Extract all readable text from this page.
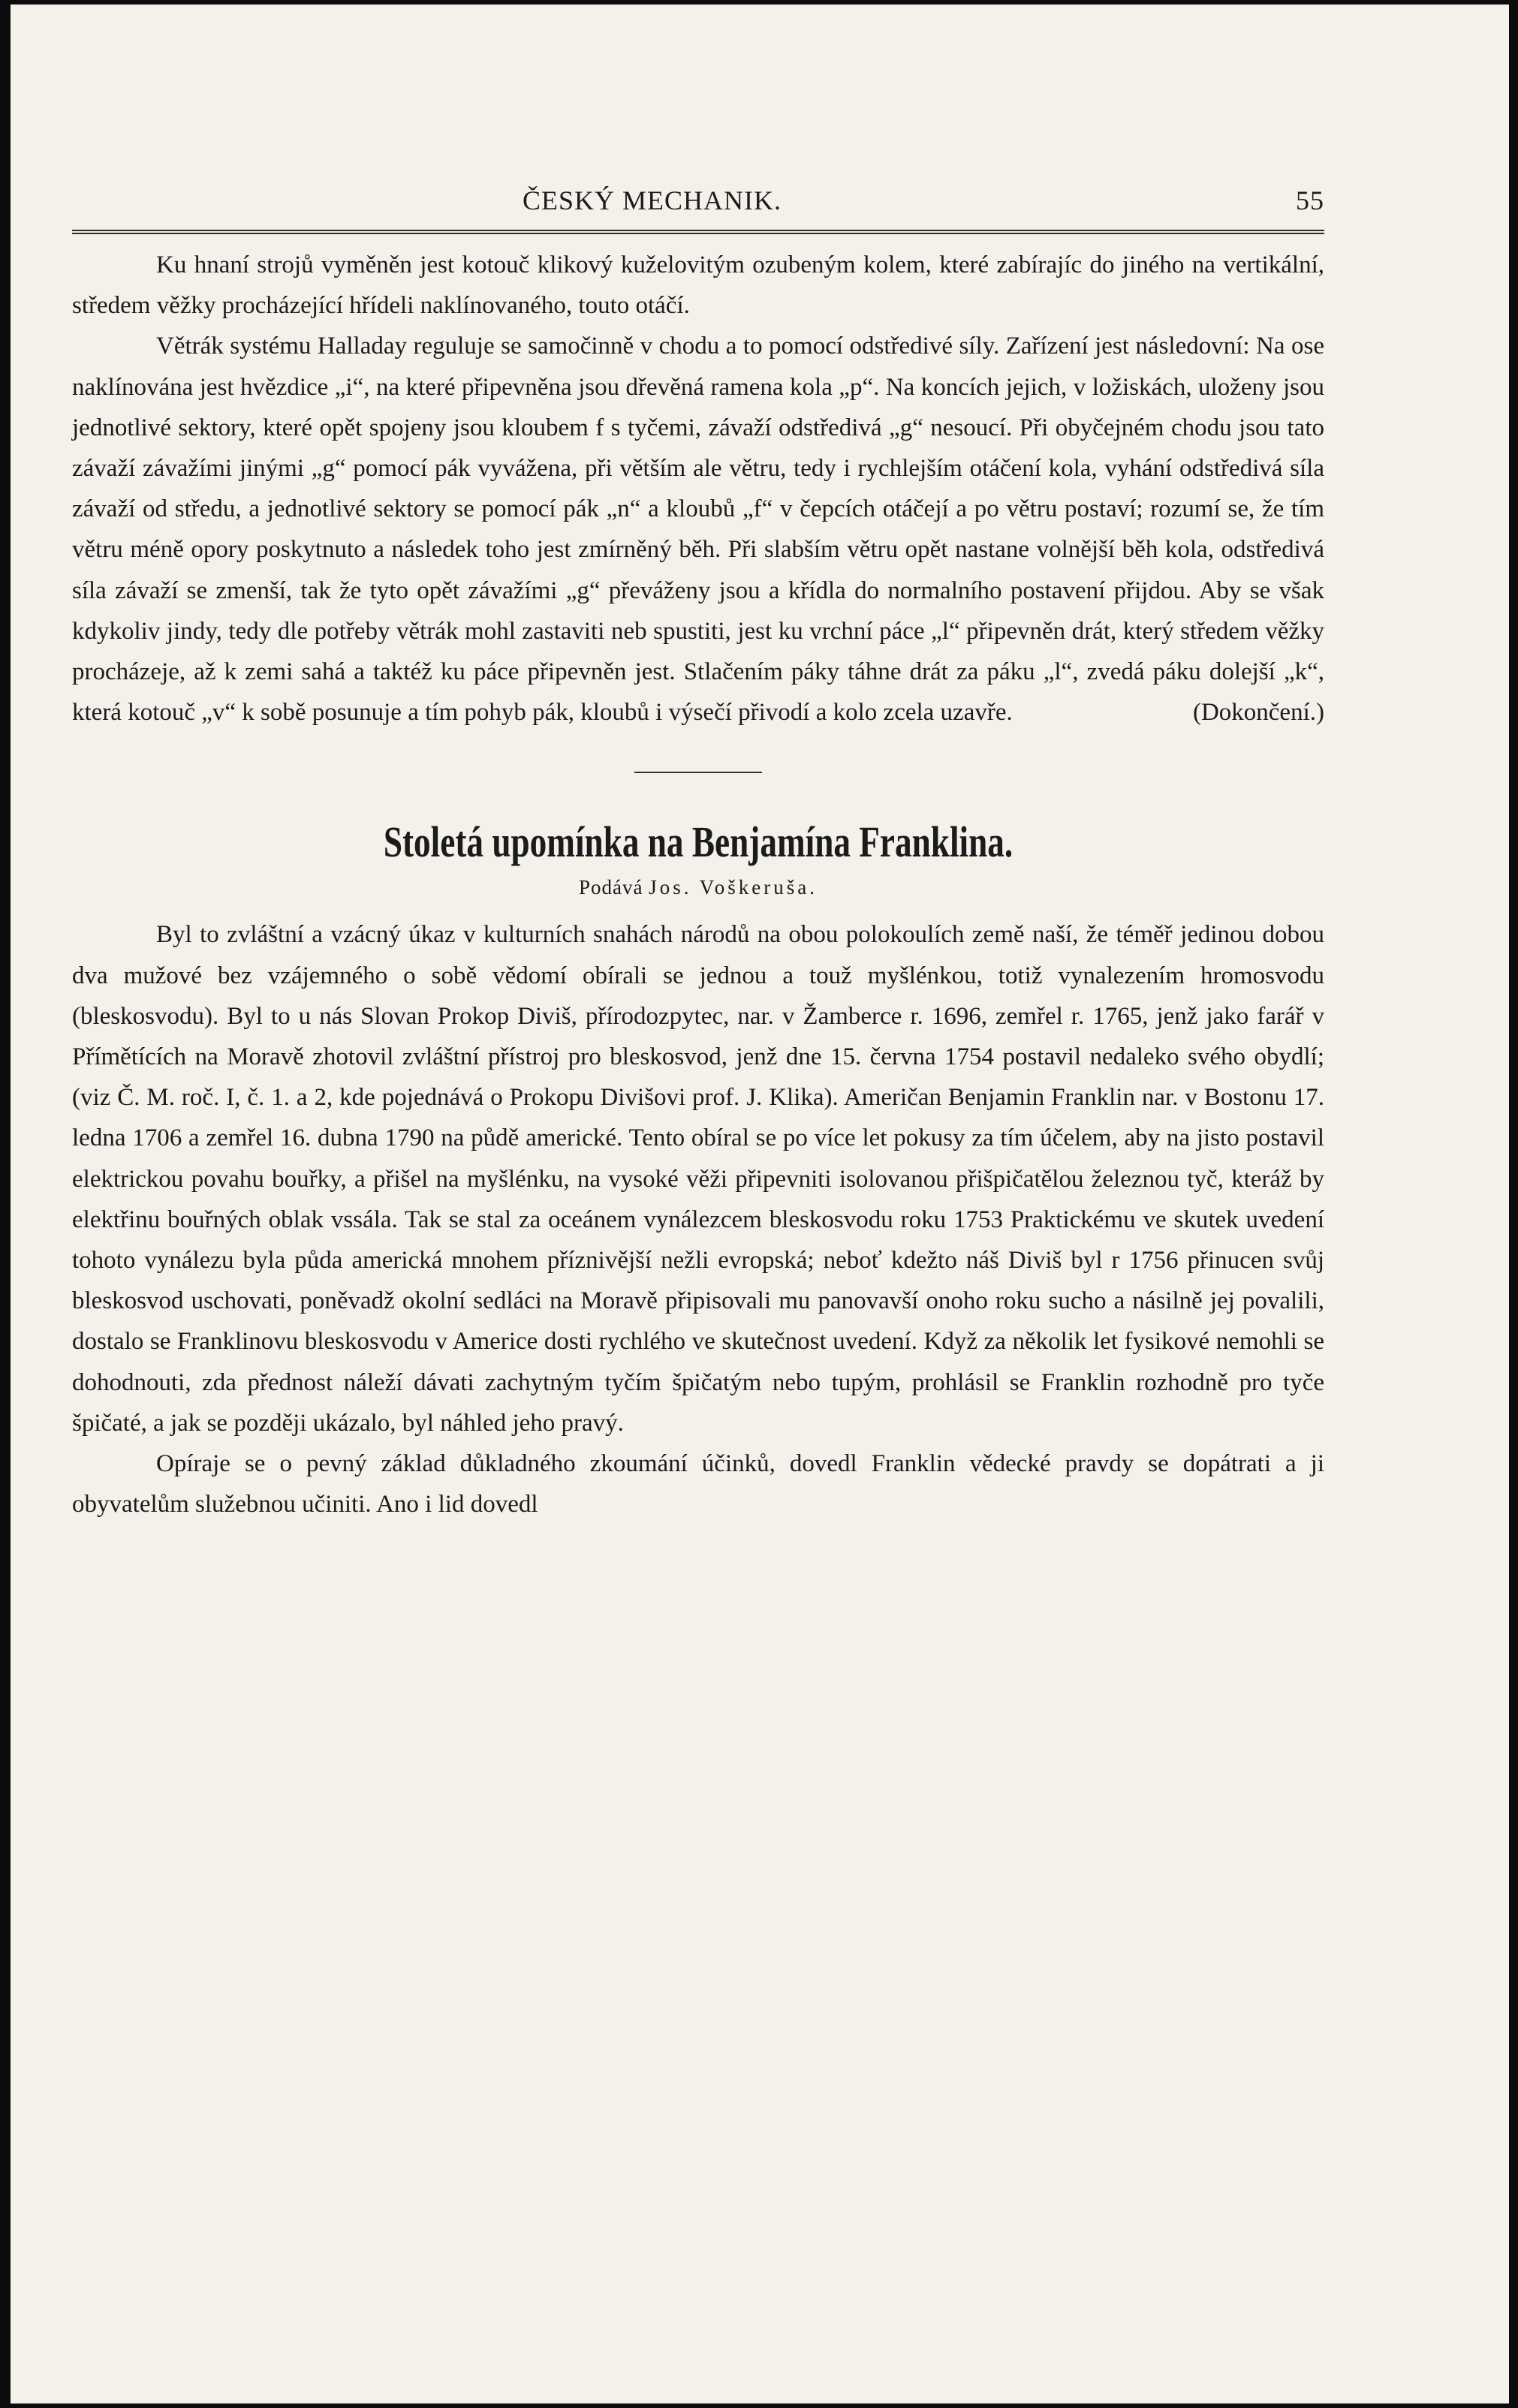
ČESKÝ MECHANIK.	55

Ku hnaní strojů vyměněn jest kotouč klikový kuželovitým ozubeným kolem, které zabírajíc do jiného na vertikální, středem věžky procházející hřídeli naklínovaného, touto otáčí.

Větrák systému Halladay reguluje se samočinně v chodu a to pomocí odstředivé síly. Zařízení jest následovní: Na ose naklínována jest hvězdice „i“, na které připevněna jsou dřevěná ramena kola „p“. Na koncích jejich, v ložiskách, uloženy jsou jednotlivé sektory, které opět spojeny jsou kloubem f s tyčemi, závaží odstředivá „g“ nesoucí. Při obyčejném chodu jsou tato závaží závažími jinými „g“ pomocí pák vyvážena, při větším ale větru, tedy i rychlejším otáčení kola, vyhání odstředivá síla závaží od středu, a jednotlivé sektory se pomocí pák „n“ a kloubů „f“ v čepcích otáčejí a po větru postaví; rozumí se, že tím větru méně opory poskytnuto a následek toho jest zmírněný běh. Při slabším větru opět nastane volnější běh kola, odstředivá síla závaží se zmenší, tak že tyto opět závažími „g“ převáženy jsou a křídla do normalního postavení přijdou. Aby se však kdykoliv jindy, tedy dle potřeby větrák mohl zastaviti neb spustiti, jest ku vrchní páce „l“ připevněn drát, který středem věžky procházeje, až k zemi sahá a taktéž ku páce připevněn jest. Stlačením páky táhne drát za páku „l“, zvedá páku dolejší „k“, která kotouč „v“ k sobě posunuje a tím pohyb pák, kloubů i výsečí přivodí a kolo zcela uzavře.	(Dokončení.)

Stoletá upomínka na Benjamína Franklina.
Podává Jos. Voškeruša.

Byl to zvláštní a vzácný úkaz v kulturních snahách národů na obou polokoulích země naší, že téměř jedinou dobou dva mužové bez vzájemného o sobě vědomí obírali se jednou a touž myšlénkou, totiž vynalezením hromosvodu (bleskosvodu). Byl to u nás Slovan Prokop Diviš, přírodozpytec, nar. v Žamberce r. 1696, zemřel r. 1765, jenž jako farář v Přímětících na Moravě zhotovil zvláštní přístroj pro bleskosvod, jenž dne 15. června 1754 postavil nedaleko svého obydlí; (viz Č. M. roč. I, č. 1. a 2, kde pojednává o Prokopu Divišovi prof. J. Klika). Američan Benjamin Franklin nar. v Bostonu 17. ledna 1706 a zemřel 16. dubna 1790 na půdě americké. Tento obíral se po více let pokusy za tím účelem, aby na jisto postavil elektrickou povahu bouřky, a přišel na myšlénku, na vysoké věži připevniti isolovanou přišpičatělou železnou tyč, kteráž by elektřinu bouřných oblak vssála. Tak se stal za oceánem vynálezcem bleskosvodu roku 1753 Praktickému ve skutek uvedení tohoto vynálezu byla půda americká mnohem příznivější nežli evropská; neboť kdežto náš Diviš byl r 1756 přinucen svůj bleskosvod uschovati, poněvadž okolní sedláci na Moravě připisovali mu panovavší onoho roku sucho a násilně jej povalili, dostalo se Franklinovu bleskosvodu v Americe dosti rychlého ve skutečnost uvedení. Když za několik let fysikové nemohli se dohodnouti, zda přednost náleží dávati zachytným tyčím špičatým nebo tupým, prohlásil se Franklin rozhodně pro tyče špičaté, a jak se později ukázalo, byl náhled jeho pravý.

Opíraje se o pevný základ důkladného zkoumání účinků, dovedl Franklin vědecké pravdy se dopátrati a ji obyvatelům služebnou učiniti. Ano i lid dovedl
